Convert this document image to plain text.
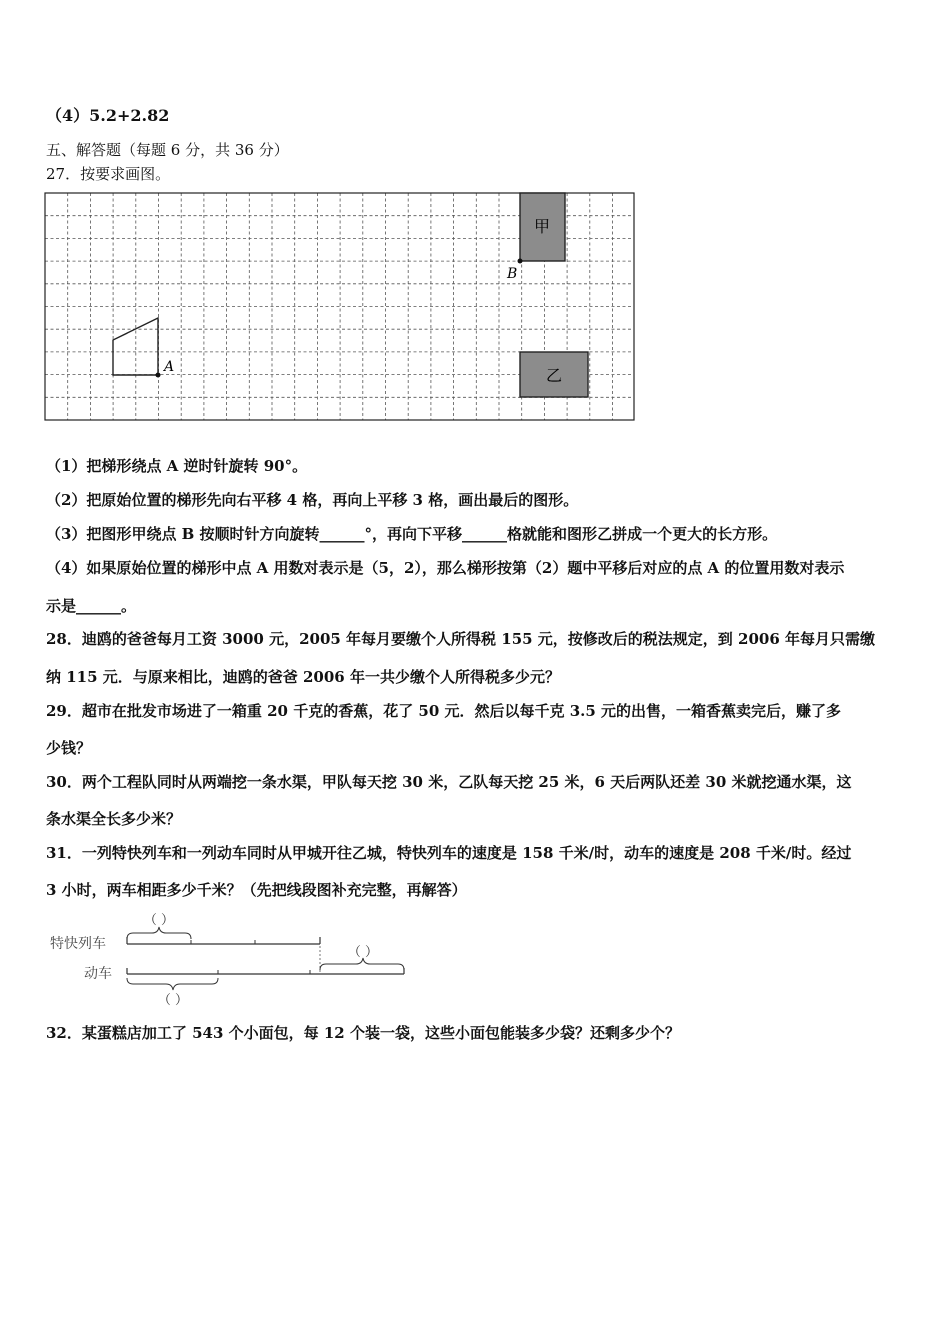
（4）5.2+2.82
五、解答题（每题 6 分，共 36 分）
27．按要求画图。
A
甲
B
乙
（1）把梯形绕点 A 逆时针旋转 90°。
（2）把原始位置的梯形先向右平移 4 格，再向上平移 3 格，画出最后的图形。
（3）把图形甲绕点 B 按顺时针方向旋转______°，再向下平移______格就能和图形乙拼成一个更大的长方形。
（4）如果原始位置的梯形中点 A 用数对表示是（5，2），那么梯形按第（2）题中平移后对应的点 A 的位置用数对表示
示是______。
28．迪鸥的爸爸每月工资 3000 元，2005 年每月要缴个人所得税 155 元，按修改后的税法规定，到 2006 年每月只需缴
纳 115 元．与原来相比，迪鸥的爸爸 2006 年一共少缴个人所得税多少元？
29．超市在批发市场进了一箱重 20 千克的香蕉，花了 50 元．然后以每千克 3.5 元的出售，一箱香蕉卖完后，赚了多
少钱？
30．两个工程队同时从两端挖一条水渠，甲队每天挖 30 米，乙队每天挖 25 米，6 天后两队还差 30 米就挖通水渠，这
条水渠全长多少米？
31．一列特快列车和一列动车同时从甲城开往乙城，特快列车的速度是 158 千米/时，动车的速度是 208 千米/时。经过
3 小时，两车相距多少千米？（先把线段图补充完整，再解答）
特快列车
动车
（ ）
（ ）
（ ）
32．某蛋糕店加工了 543 个小面包，每 12 个装一袋，这些小面包能装多少袋？还剩多少个？
